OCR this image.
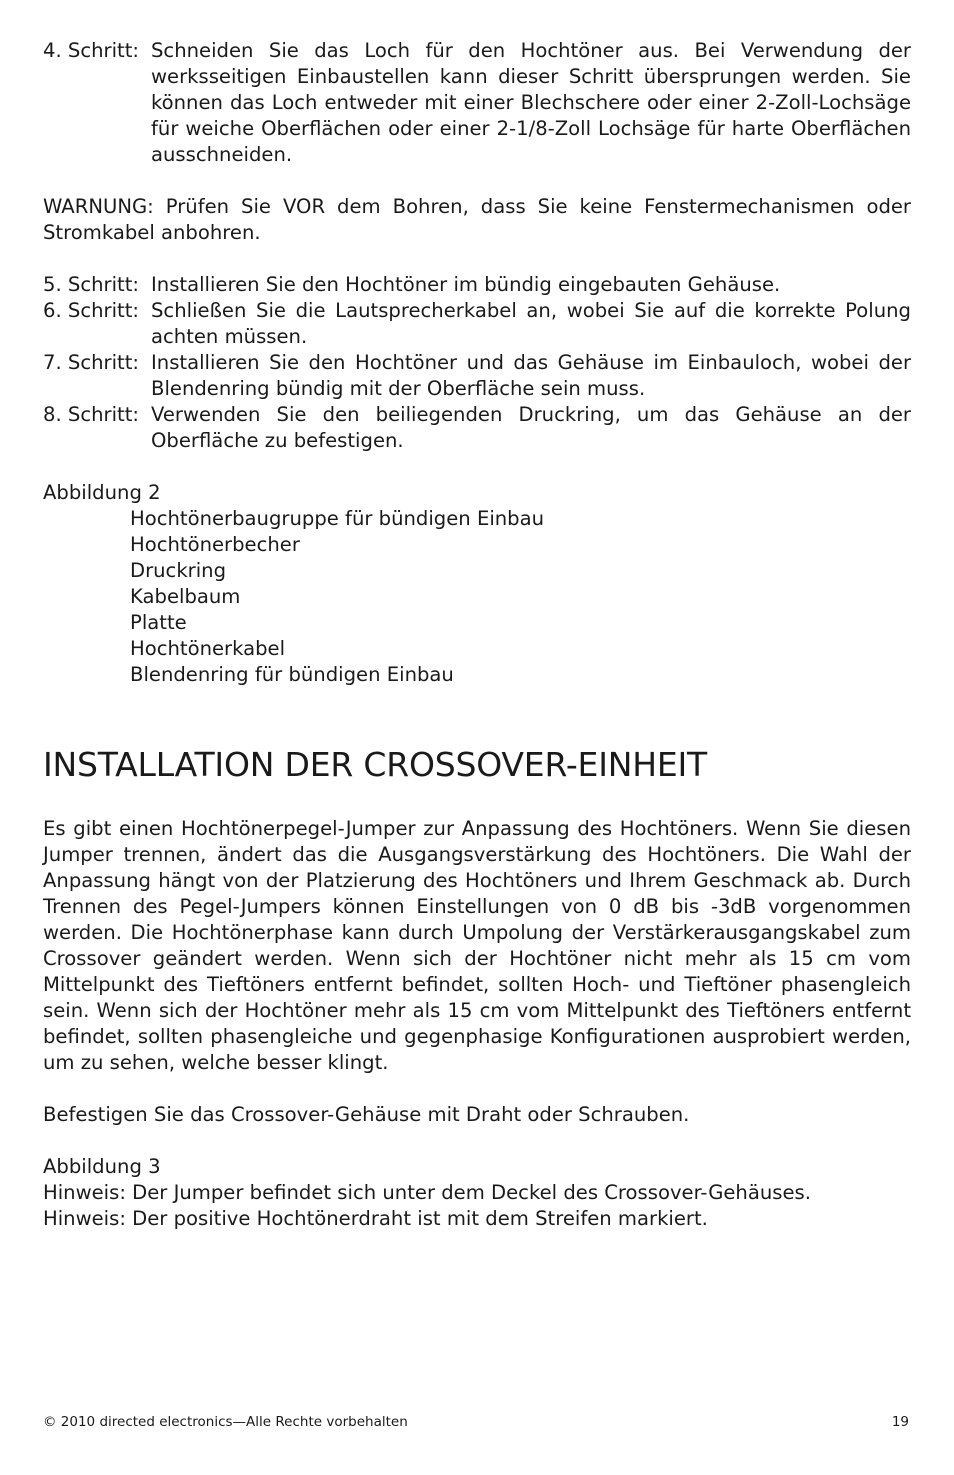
4. Schritt: Schneiden Sie das Loch für den Hochtöner aus. Bei Verwendung der werksseitigen Einbaustellen kann dieser Schritt übersprungen werden. Sie können das Loch entweder mit einer Blechschere oder einer 2-Zoll-Lochsäge für weiche Oberflächen oder einer 2-1/8-Zoll Lochsäge für harte Oberflächen ausschneiden.

WARNUNG: Prüfen Sie VOR dem Bohren, dass Sie keine Fenstermechanismen oder Stromkabel anbohren.

5. Schritt: Installieren Sie den Hochtöner im bündig eingebauten Gehäuse.
6. Schritt: Schließen Sie die Lautsprecherkabel an, wobei Sie auf die korrekte Polung achten müssen.
7. Schritt: Installieren Sie den Hochtöner und das Gehäuse im Einbauloch, wobei der Blendenring bündig mit der Oberfläche sein muss.
8. Schritt: Verwenden Sie den beiliegenden Druckring, um das Gehäuse an der Oberfläche zu befestigen.
Abbildung 2
Hochtönerbaugruppe für bündigen Einbau
Hochtönerbecher
Druckring
Kabelbaum
Platte
Hochtönerkabel
Blendenring für bündigen Einbau
INSTALLATION DER CROSSOVER-EINHEIT

Es gibt einen Hochtönerpegel-Jumper zur Anpassung des Hochtöners. Wenn Sie diesen Jumper trennen, ändert das die Ausgangsverstärkung des Hochtöners. Die Wahl der Anpassung hängt von der Platzierung des Hochtöners und Ihrem Geschmack ab. Durch Trennen des Pegel-Jumpers können Einstellungen von 0 dB bis -3dB vorgenommen werden. Die Hochtönerphase kann durch Umpolung der Verstärkerausgangskabel zum Crossover geändert werden. Wenn sich der Hochtöner nicht mehr als 15 cm vom Mittelpunkt des Tieftöners entfernt befindet, sollten Hoch- und Tieftöner phasengleich sein. Wenn sich der Hochtöner mehr als 15 cm vom Mittelpunkt des Tieftöners entfernt befindet, sollten phasengleiche und gegenphasige Konfigurationen ausprobiert werden, um zu sehen, welche besser klingt.

Befestigen Sie das Crossover-Gehäuse mit Draht oder Schrauben.

Abbildung 3
Hinweis: Der Jumper befindet sich unter dem Deckel des Crossover-Gehäuses.
Hinweis: Der positive Hochtönerdraht ist mit dem Streifen markiert.
© 2010 directed electronics—Alle Rechte vorbehalten	19
